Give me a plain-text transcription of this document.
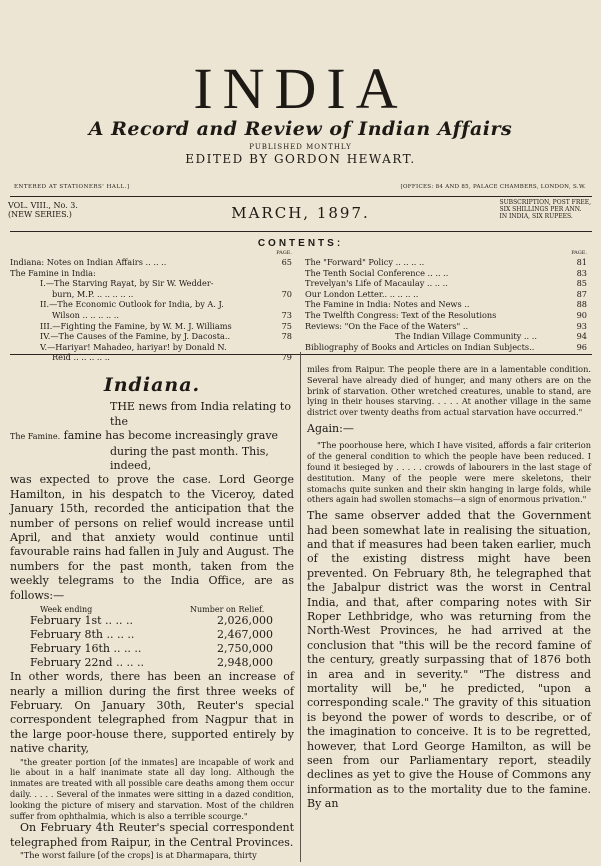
INDIA
A Record and Review of Indian Affairs
PUBLISHED MONTHLY
EDITED BY GORDON HEWART.
ENTERED AT STATIONERS' HALL.]	[OFFICES: 84 AND 85, PALACE CHAMBERS, LONDON, S.W.
VOL. VIII., No. 3.
(NEW SERIES.)	MARCH, 1897.
SUBSCRIPTION, POST FREE,
SIX SHILLINGS PER ANN.
IN INDIA, SIX RUPEES.
CONTENTS:
PAGE.
Indiana: Notes on Indian Affairs .. .. ..	65
The Famine in India:
I.—The Starving Rayat, by Sir W. Wedder-
burn, M.P. .. .. .. .. ..	70
II.—The Economic Outlook for India, by A. J.
Wilson .. .. .. .. ..	73
III.—Fighting the Famine, by W. M. J. Williams	75
IV.—The Causes of the Famine, by J. Dacosta..	78
V.—Hariyar! Mahadeo, hariyar! by Donald N.
Reid .. .. .. .. ..	79
PAGE.
The "Forward" Policy .. .. .. ..	81
The Tenth Social Conference .. .. ..	83
Trevelyan's Life of Macaulay .. .. ..	85
Our London Letter.. .. .. .. ..	87
The Famine in India: Notes and News ..	88
The Twelfth Congress: Text of the Resolutions	90
Reviews: "On the Face of the Waters" ..	93
The Indian Village Community .. ..	94
Bibliography of Books and Articles on Indian Subjects..	96
Indiana.

THE news from India relating to the

The Famine. famine has become increasingly grave

during the past month. This, indeed,

was expected to prove the case. Lord George Hamilton, in his despatch to the Viceroy, dated January 15th, recorded the anticipation that the number of persons on relief would increase until April, and that anxiety would continue until favourable rains had fallen in July and August. The numbers for the past month, taken from the weekly telegrams to the India Office, are as follows:—

Week ending	Number on Relief.
February 1st .. .. ..	2,026,000
February 8th .. .. ..	2,467,000
February 16th .. .. ..	2,750,000
February 22nd .. .. ..	2,948,000

In other words, there has been an increase of nearly a million during the first three weeks of February. On January 30th, Reuter's special correspondent telegraphed from Nagpur that in the large poor-house there, supported entirely by native charity,

"the greater portion [of the inmates] are incapable of work and lie about in a half inanimate state all day long. Although the inmates are treated with all possible care deaths among them occur daily. . . . . Several of the inmates were sitting in a dazed condition, looking the picture of misery and starvation. Most of the children suffer from ophthalmia, which is also a terrible scourge."

On February 4th Reuter's special correspondent telegraphed from Raipur, in the Central Provinces.

"The worst failure [of the crops] is at Dharmapara, thirty

miles from Raipur. The people there are in a lamentable condition. Several have already died of hunger, and many others are on the brink of starvation. Other wretched creatures, unable to stand, are lying in their houses starving. . . . . At another village in the same district over twenty deaths from actual starvation have occurred."

Again:—

"The poorhouse here, which I have visited, affords a fair criterion of the general condition to which the people have been reduced. I found it besieged by . . . . . crowds of labourers in the last stage of destitution. Many of the people were mere skeletons, their stomachs quite sunken and their skin hanging in large folds, while others again had swollen stomachs—a sign of enormous privation."

The same observer added that the Government had been somewhat late in realising the situation, and that if measures had been taken earlier, much of the existing distress might have been prevented. On February 8th, he telegraphed that the Jabalpur district was the worst in Central India, and that, after comparing notes with Sir Roper Lethbridge, who was returning from the North-West Provinces, he had arrived at the conclusion that "this will be the record famine of the century, greatly surpassing that of 1876 both in area and in severity." "The distress and mortality will be," he predicted, "upon a corresponding scale." The gravity of this situation is beyond the power of words to describe, or of the imagination to conceive. It is to be regretted, however, that Lord George Hamilton, as will be seen from our Parliamentary report, steadily declines as yet to give the House of Commons any information as to the mortality due to the famine. By an
